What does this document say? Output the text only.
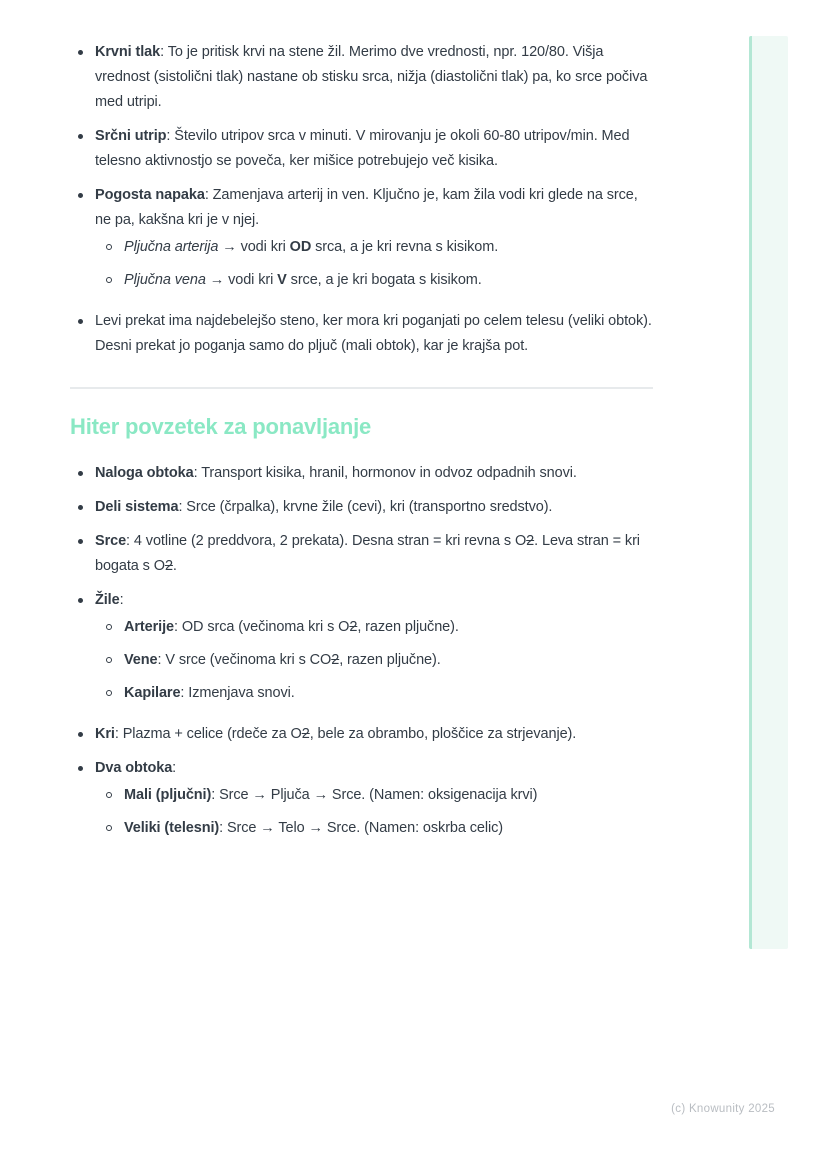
Krvni tlak: To je pritisk krvi na stene žil. Merimo dve vrednosti, npr. 120/80. Višja vrednost (sistolični tlak) nastane ob stisku srca, nižja (diastolični tlak) pa, ko srce počiva med utripi.
Srčni utrip: Število utripov srca v minuti. V mirovanju je okoli 60-80 utripov/min. Med telesno aktivnostjo se poveča, ker mišice potrebujejo več kisika.
Pogosta napaka: Zamenjava arterij in ven. Ključno je, kam žila vodi kri glede na srce, ne pa, kakšna kri je v njej.
Pljučna arterija → vodi kri OD srca, a je kri revna s kisikom.
Pljučna vena → vodi kri V srce, a je kri bogata s kisikom.
Levi prekat ima najdebelejšo steno, ker mora kri poganjati po celem telesu (veliki obtok). Desni prekat jo poganja samo do pljuč (mali obtok), kar je krajša pot.
Hiter povzetek za ponavljanje
Naloga obtoka: Transport kisika, hranil, hormonov in odvoz odpadnih snovi.
Deli sistema: Srce (črpalka), krvne žile (cevi), kri (transportno sredstvo).
Srce: 4 votline (2 preddvora, 2 prekata). Desna stran = kri revna s O2. Leva stran = kri bogata s O2.
Žile:
Arterije: OD srca (večinoma kri s O2, razen pljučne).
Vene: V srce (večinoma kri s CO2, razen pljučne).
Kapilare: Izmenjava snovi.
Kri: Plazma + celice (rdeče za O2, bele za obrambo, ploščice za strjevanje).
Dva obtoka:
Mali (pljučni): Srce → Pljuča → Srce. (Namen: oksigenacija krvi)
Veliki (telesni): Srce → Telo → Srce. (Namen: oskrba celic)
(c) Knowunity 2025
